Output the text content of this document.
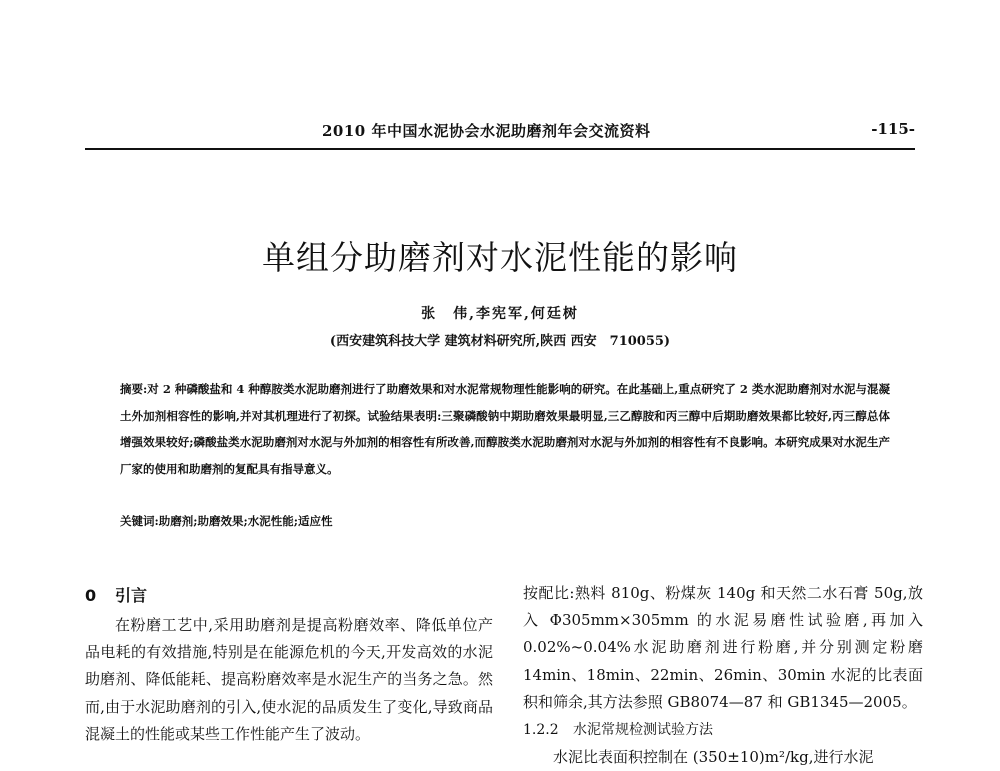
2010 年中国水泥协会水泥助磨剂年会交流资料	-115-
单组分助磨剂对水泥性能的影响
张　伟,李宪军,何廷树
(西安建筑科技大学 建筑材料研究所,陕西 西安　710055)
摘要:对 2 种磷酸盐和 4 种醇胺类水泥助磨剂进行了助磨效果和对水泥常规物理性能影响的研究。在此基础上,重点研究了 2 类水泥助磨剂对水泥与混凝土外加剂相容性的影响,并对其机理进行了初探。试验结果表明:三聚磷酸钠中期助磨效果最明显,三乙醇胺和丙三醇中后期助磨效果都比较好,丙三醇总体增强效果较好;磷酸盐类水泥助磨剂对水泥与外加剂的相容性有所改善,而醇胺类水泥助磨剂对水泥与外加剂的相容性有不良影响。本研究成果对水泥生产厂家的使用和助磨剂的复配具有指导意义。
关键词:助磨剂;助磨效果;水泥性能;适应性
0 引言

在粉磨工艺中,采用助磨剂是提高粉磨效率、降低单位产品电耗的有效措施,特别是在能源危机的今天,开发高效的水泥助磨剂、降低能耗、提高粉磨效率是水泥生产的当务之急。然而,由于水泥助磨剂的引入,使水泥的品质发生了变化,导致商品混凝土的性能或某些工作性能产生了波动。

按配比:熟料 810g、粉煤灰 140g 和天然二水石膏 50g,放入 Φ305mm×305mm 的水泥易磨性试验磨,再加入 0.02%~0.04%水泥助磨剂进行粉磨,并分别测定粉磨 14min、18min、22min、26min、30min 水泥的比表面积和筛余,其方法参照 GB8074—87 和 GB1345—2005。

1.2.2 水泥常规检测试验方法

水泥比表面积控制在 (350±10)m²/kg,进行水泥
